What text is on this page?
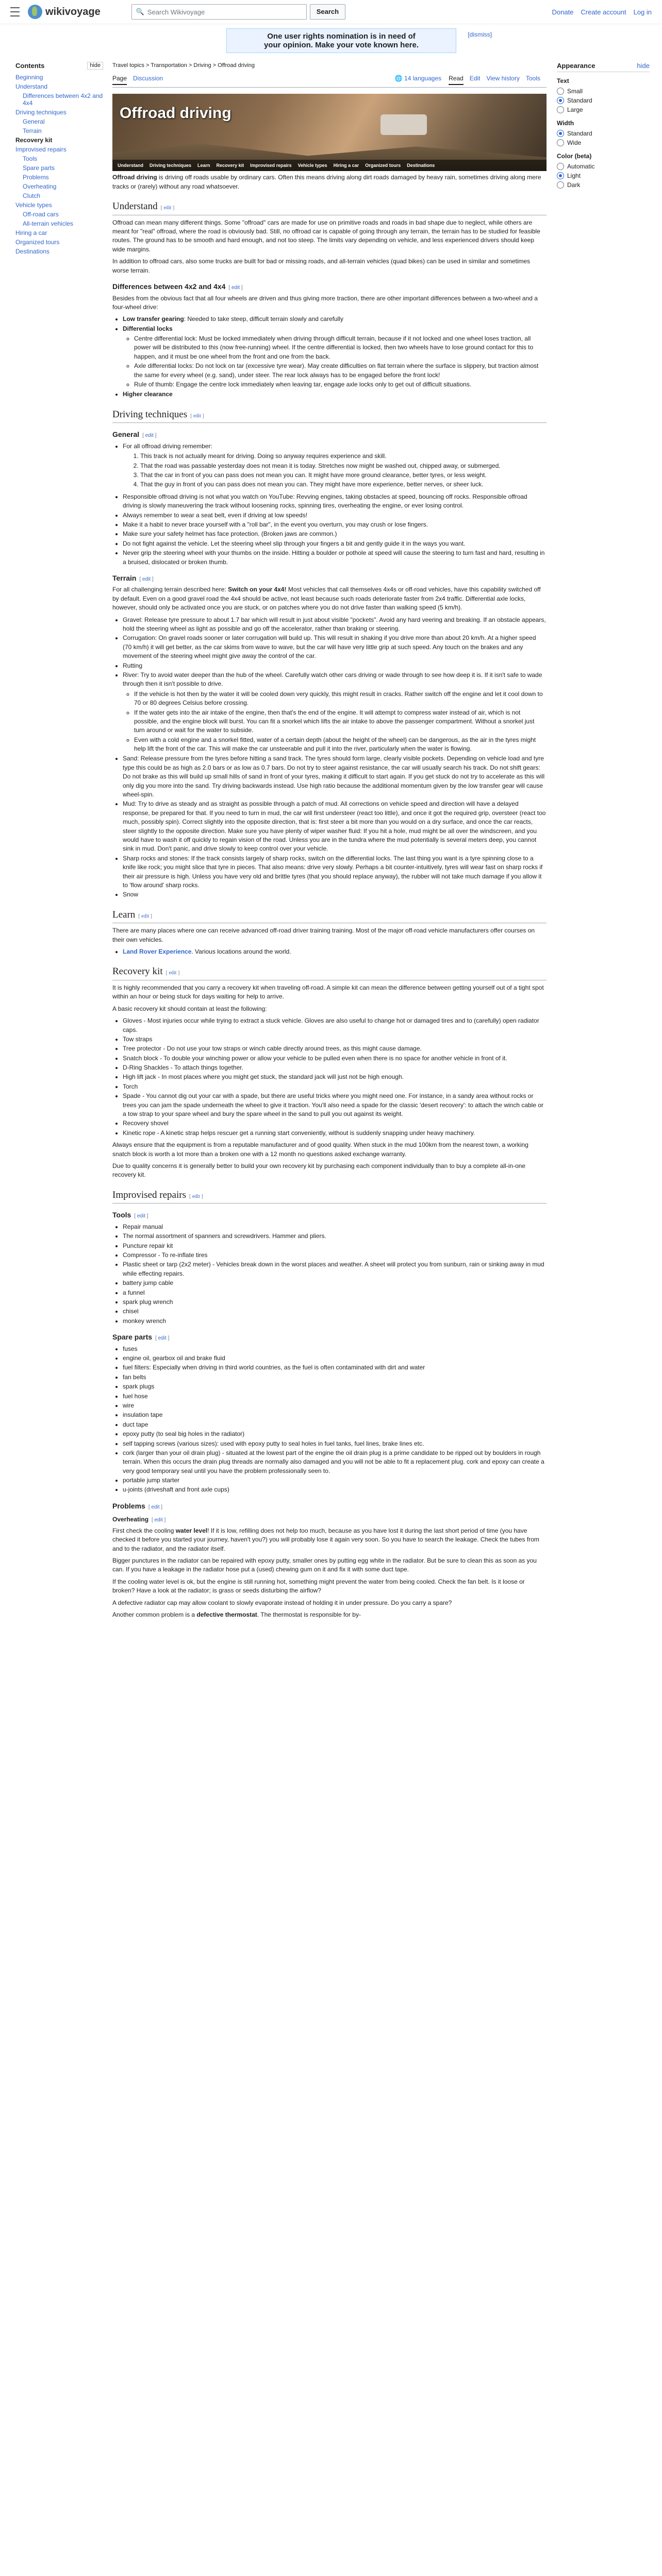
wikivoyage	🔍 Search Wikivoyage	Search	Donate Create account Log in
One user rights nomination is in need of
your opinion. Make your vote known here.
[dismiss]
Contents	hide
Beginning
Understand
Differences between 4x2 and 4x4
Driving techniques
General
Terrain
Recovery kit
Improvised repairs
Tools
Spare parts
Problems
Overheating
Clutch
Vehicle types
Off-road cars
All-terrain vehicles
Hiring a car
Organized tours
Destinations
Appearance	hide
Text
Small
Standard
Large
Width
Standard
Wide
Color (beta)
Automatic
Light
Dark
Travel topics > Transportation > Driving > Offroad driving
Page Discussion	🌐 14 languages Read Edit View history Tools
Offroad driving
Understand Driving techniques Learn Recovery kit Improvised repairs Vehicle types Hiring a car Organized tours Destinations

Offroad driving is driving off roads usable by ordinary cars. Often this means driving along dirt roads damaged by heavy rain, sometimes driving along mere tracks or (rarely) without any road whatsoever.

Understand [ edit ]

Offroad can mean many different things. Some "offroad" cars are made for use on primitive roads and roads in bad shape due to neglect, while others are meant for "real" offroad, where the road is obviously bad. Still, no offroad car is capable of going through any terrain, the terrain has to be studied for feasible routes. The ground has to be smooth and hard enough, and not too steep. The limits vary depending on vehicle, and less experienced drivers should keep wide margins.

In addition to offroad cars, also some trucks are built for bad or missing roads, and all-terrain vehicles (quad bikes) can be used in similar and sometimes worse terrain.

Differences between 4x2 and 4x4 [ edit ]

Besides from the obvious fact that all four wheels are driven and thus giving more traction, there are other important differences between a two-wheel and a four-wheel drive:

• Low transfer gearing: Needed to take steep, difficult terrain slowly and carefully
• Differential locks
◦ Centre differential lock: Must be locked immediately when driving through difficult terrain, because if it not locked and one wheel loses traction, all power will be distributed to this (now free-running) wheel. If the centre differential is locked, then two wheels have to lose ground contact for this to happen, and it must be one wheel from the front and one from the back.
◦ Axle differential locks: Do not lock on tar (excessive tyre wear). May create difficulties on flat terrain where the surface is slippery, but traction almost the same for every wheel (e.g. sand), under steer. The rear lock always has to be engaged before the front lock!
◦ Rule of thumb: Engage the centre lock immediately when leaving tar, engage axle locks only to get out of difficult situations.
• Higher clearance
Driving techniques [ edit ]
General [ edit ]
• For all offroad driving remember:
1. This track is not actually meant for driving. Doing so anyway requires experience and skill.
2. That the road was passable yesterday does not mean it is today. Stretches now might be washed out, chipped away, or submerged.
3. That the car in front of you can pass does not mean you can. It might have more ground clearance, better tyres, or less weight.
4. That the guy in front of you can pass does not mean you can. They might have more experience, better nerves, or sheer luck.
• Responsible offroad driving is not what you watch on YouTube: Revving engines, taking obstacles at speed, bouncing off rocks. Responsible offroad driving is slowly maneuvering the track without loosening rocks, spinning tires, overheating the engine, or ever losing control.
• Always remember to wear a seat belt, even if driving at low speeds!
• Make it a habit to never brace yourself with a "roll bar", in the event you overturn, you may crush or lose fingers.
• Make sure your safety helmet has face protection. (Broken jaws are common.)
• Do not fight against the vehicle. Let the steering wheel slip through your fingers a bit and gently guide it in the ways you want.
• Never grip the steering wheel with your thumbs on the inside. Hitting a boulder or pothole at speed will cause the steering to turn fast and hard, resulting in a bruised, dislocated or broken thumb.
Terrain [ edit ]

For all challenging terrain described here: Switch on your 4x4! Most vehicles that call themselves 4x4s or off-road vehicles, have this capability switched off by default. Even on a good gravel road the 4x4 should be active, not least because such roads deteriorate faster from 2x4 traffic. Differential axle locks, however, should only be activated once you are stuck, or on patches where you do not drive faster than walking speed (5 km/h).

• Gravel: Release tyre pressure to about 1.7 bar which will result in just about visible "pockets". Avoid any hard veering and breaking. If an obstacle appears, hold the steering wheel as light as possible and go off the accelerator, rather than braking or steering.
• Corrugation: On gravel roads sooner or later corrugation will build up. This will result in shaking if you drive more than about 20 km/h. At a higher speed (70 km/h) it will get better, as the car skims from wave to wave, but the car will have very little grip at such speed. Any touch on the brakes and any movement of the steering wheel might give away the control of the car.
• Rutting
• River: Try to avoid water deeper than the hub of the wheel. Carefully watch other cars driving or wade through to see how deep it is. If it isn't safe to wade through then it isn't possible to drive.
◦ If the vehicle is hot then by the water it will be cooled down very quickly, this might result in cracks. Rather switch off the engine and let it cool down to 70 or 80 degrees Celsius before crossing.
◦ If the water gets into the air intake of the engine, then that's the end of the engine. It will attempt to compress water instead of air, which is not possible, and the engine block will burst. You can fit a snorkel which lifts the air intake to above the passenger compartment. Without a snorkel just turn around or wait for the water to subside.
◦ Even with a cold engine and a snorkel fitted, water of a certain depth (about the height of the wheel) can be dangerous, as the air in the tyres might help lift the front of the car. This will make the car unsteerable and pull it into the river, particularly when the water is flowing.
• Sand: Release pressure from the tyres before hitting a sand track. The tyres should form large, clearly visible pockets. Depending on vehicle load and tyre type this could be as high as 2.0 bars or as low as 0.7 bars. Do not try to steer against resistance, the car will usually search his track. Do not shift gears: Do not brake as this will build up small hills of sand in front of your tyres, making it difficult to start again. If you get stuck do not try to accelerate as this will only dig you more into the sand. Try driving backwards instead. Use high ratio because the additional momentum given by the low transfer gear will cause wheel-spin.
• Mud: Try to drive as steady and as straight as possible through a patch of mud. All corrections on vehicle speed and direction will have a delayed response, be prepared for that. If you need to turn in mud, the car will first understeer (react too little), and once it got the required grip, oversteer (react too much, possibly spin). Correct slightly into the opposite direction, that is: first steer a bit more than you would on a dry surface, and once the car reacts, steer slightly to the opposite direction. Make sure you have plenty of wiper washer fluid: If you hit a hole, mud might be all over the windscreen, and you would have to wash it off quickly to regain vision of the road. Unless you are in the tundra where the mud potentially is several meters deep, you cannot sink in mud. Don't panic, and drive slowly to keep control over your vehicle.
• Sharp rocks and stones: If the track consists largely of sharp rocks, switch on the differential locks. The last thing you want is a tyre spinning close to a knife like rock; you might slice that tyre in pieces. That also means: drive very slowly. Perhaps a bit counter-intuitively, tyres will wear fast on sharp rocks if their air pressure is high. Unless you have very old and brittle tyres (that you should replace anyway), the rubber will not take much damage if you allow it to 'flow around' sharp rocks.
• Snow
Learn [ edit ]

There are many places where one can receive advanced off-road driver training training. Most of the major off-road vehicle manufacturers offer courses on their own vehicles.

• Land Rover Experience. Various locations around the world.
Recovery kit [ edit ]

It is highly recommended that you carry a recovery kit when traveling off-road. A simple kit can mean the difference between getting yourself out of a tight spot within an hour or being stuck for days waiting for help to arrive.

A basic recovery kit should contain at least the following:

• Gloves - Most injuries occur while trying to extract a stuck vehicle. Gloves are also useful to change hot or damaged tires and to (carefully) open radiator caps.
• Tow straps
• Tree protector - Do not use your tow straps or winch cable directly around trees, as this might cause damage.
• Snatch block - To double your winching power or allow your vehicle to be pulled even when there is no space for another vehicle in front of it.
• D-Ring Shackles - To attach things together.
• High lift jack - In most places where you might get stuck, the standard jack will just not be high enough.
• Torch
• Spade - You cannot dig out your car with a spade, but there are useful tricks where you might need one. For instance, in a sandy area without rocks or trees you can jam the spade underneath the wheel to give it traction. You'll also need a spade for the classic 'desert recovery': to attach the winch cable or a tow strap to your spare wheel and bury the spare wheel in the sand to pull you out against its weight.
• Recovery shovel
• Kinetic rope - A kinetic strap helps rescuer get a running start conveniently, without is suddenly snapping under heavy machinery.

Always ensure that the equipment is from a reputable manufacturer and of good quality. When stuck in the mud 100km from the nearest town, a working snatch block is worth a lot more than a broken one with a 12 month no questions asked exchange warranty.

Due to quality concerns it is generally better to build your own recovery kit by purchasing each component individually than to buy a complete all-in-one recovery kit.

Improvised repairs [ edit ]
Tools [ edit ]
• Repair manual
• The normal assortment of spanners and screwdrivers. Hammer and pliers.
• Puncture repair kit
• Compressor - To re-inflate tires
• Plastic sheet or tarp (2x2 meter) - Vehicles break down in the worst places and weather. A sheet will protect you from sunburn, rain or sinking away in mud while effecting repairs.
• battery jump cable
• a funnel
• spark plug wrench
• chisel
• monkey wrench
Spare parts [ edit ]
• fuses
• engine oil, gearbox oil and brake fluid
• fuel filters: Especially when driving in third world countries, as the fuel is often contaminated with dirt and water
• fan belts
• spark plugs
• fuel hose
• wire
• insulation tape
• duct tape
• epoxy putty (to seal big holes in the radiator)
• self tapping screws (various sizes): used with epoxy putty to seal holes in fuel tanks, fuel lines, brake lines etc.
• cork (larger than your oil drain plug) - situated at the lowest part of the engine the oil drain plug is a prime candidate to be ripped out by boulders in rough terrain. When this occurs the drain plug threads are normally also damaged and you will not be able to fit a replacement plug. cork and epoxy can create a very good temporary seal until you have the problem professionally seen to.
• portable jump starter
• u-joints (driveshaft and front axle cups)
Problems [ edit ]
Overheating [ edit ]

First check the cooling water level! If it is low, refilling does not help too much, because as you have lost it during the last short period of time (you have checked it before you started your journey, haven't you?) you will probably lose it again very soon. So you have to search the leakage. Check the tubes from and to the radiator, and the radiator itself.

Bigger punctures in the radiator can be repaired with epoxy putty, smaller ones by putting egg white in the radiator. But be sure to clean this as soon as you can. If you have a leakage in the radiator hose put a (used) chewing gum on it and fix it with some duct tape.

If the cooling water level is ok, but the engine is still running hot, something might prevent the water from being cooled. Check the fan belt. Is it loose or broken? Have a look at the radiator; is grass or seeds disturbing the airflow?

A defective radiator cap may allow coolant to slowly evaporate instead of holding it in under pressure. Do you carry a spare?

Another common problem is a defective thermostat. The thermostat is responsible for by-
